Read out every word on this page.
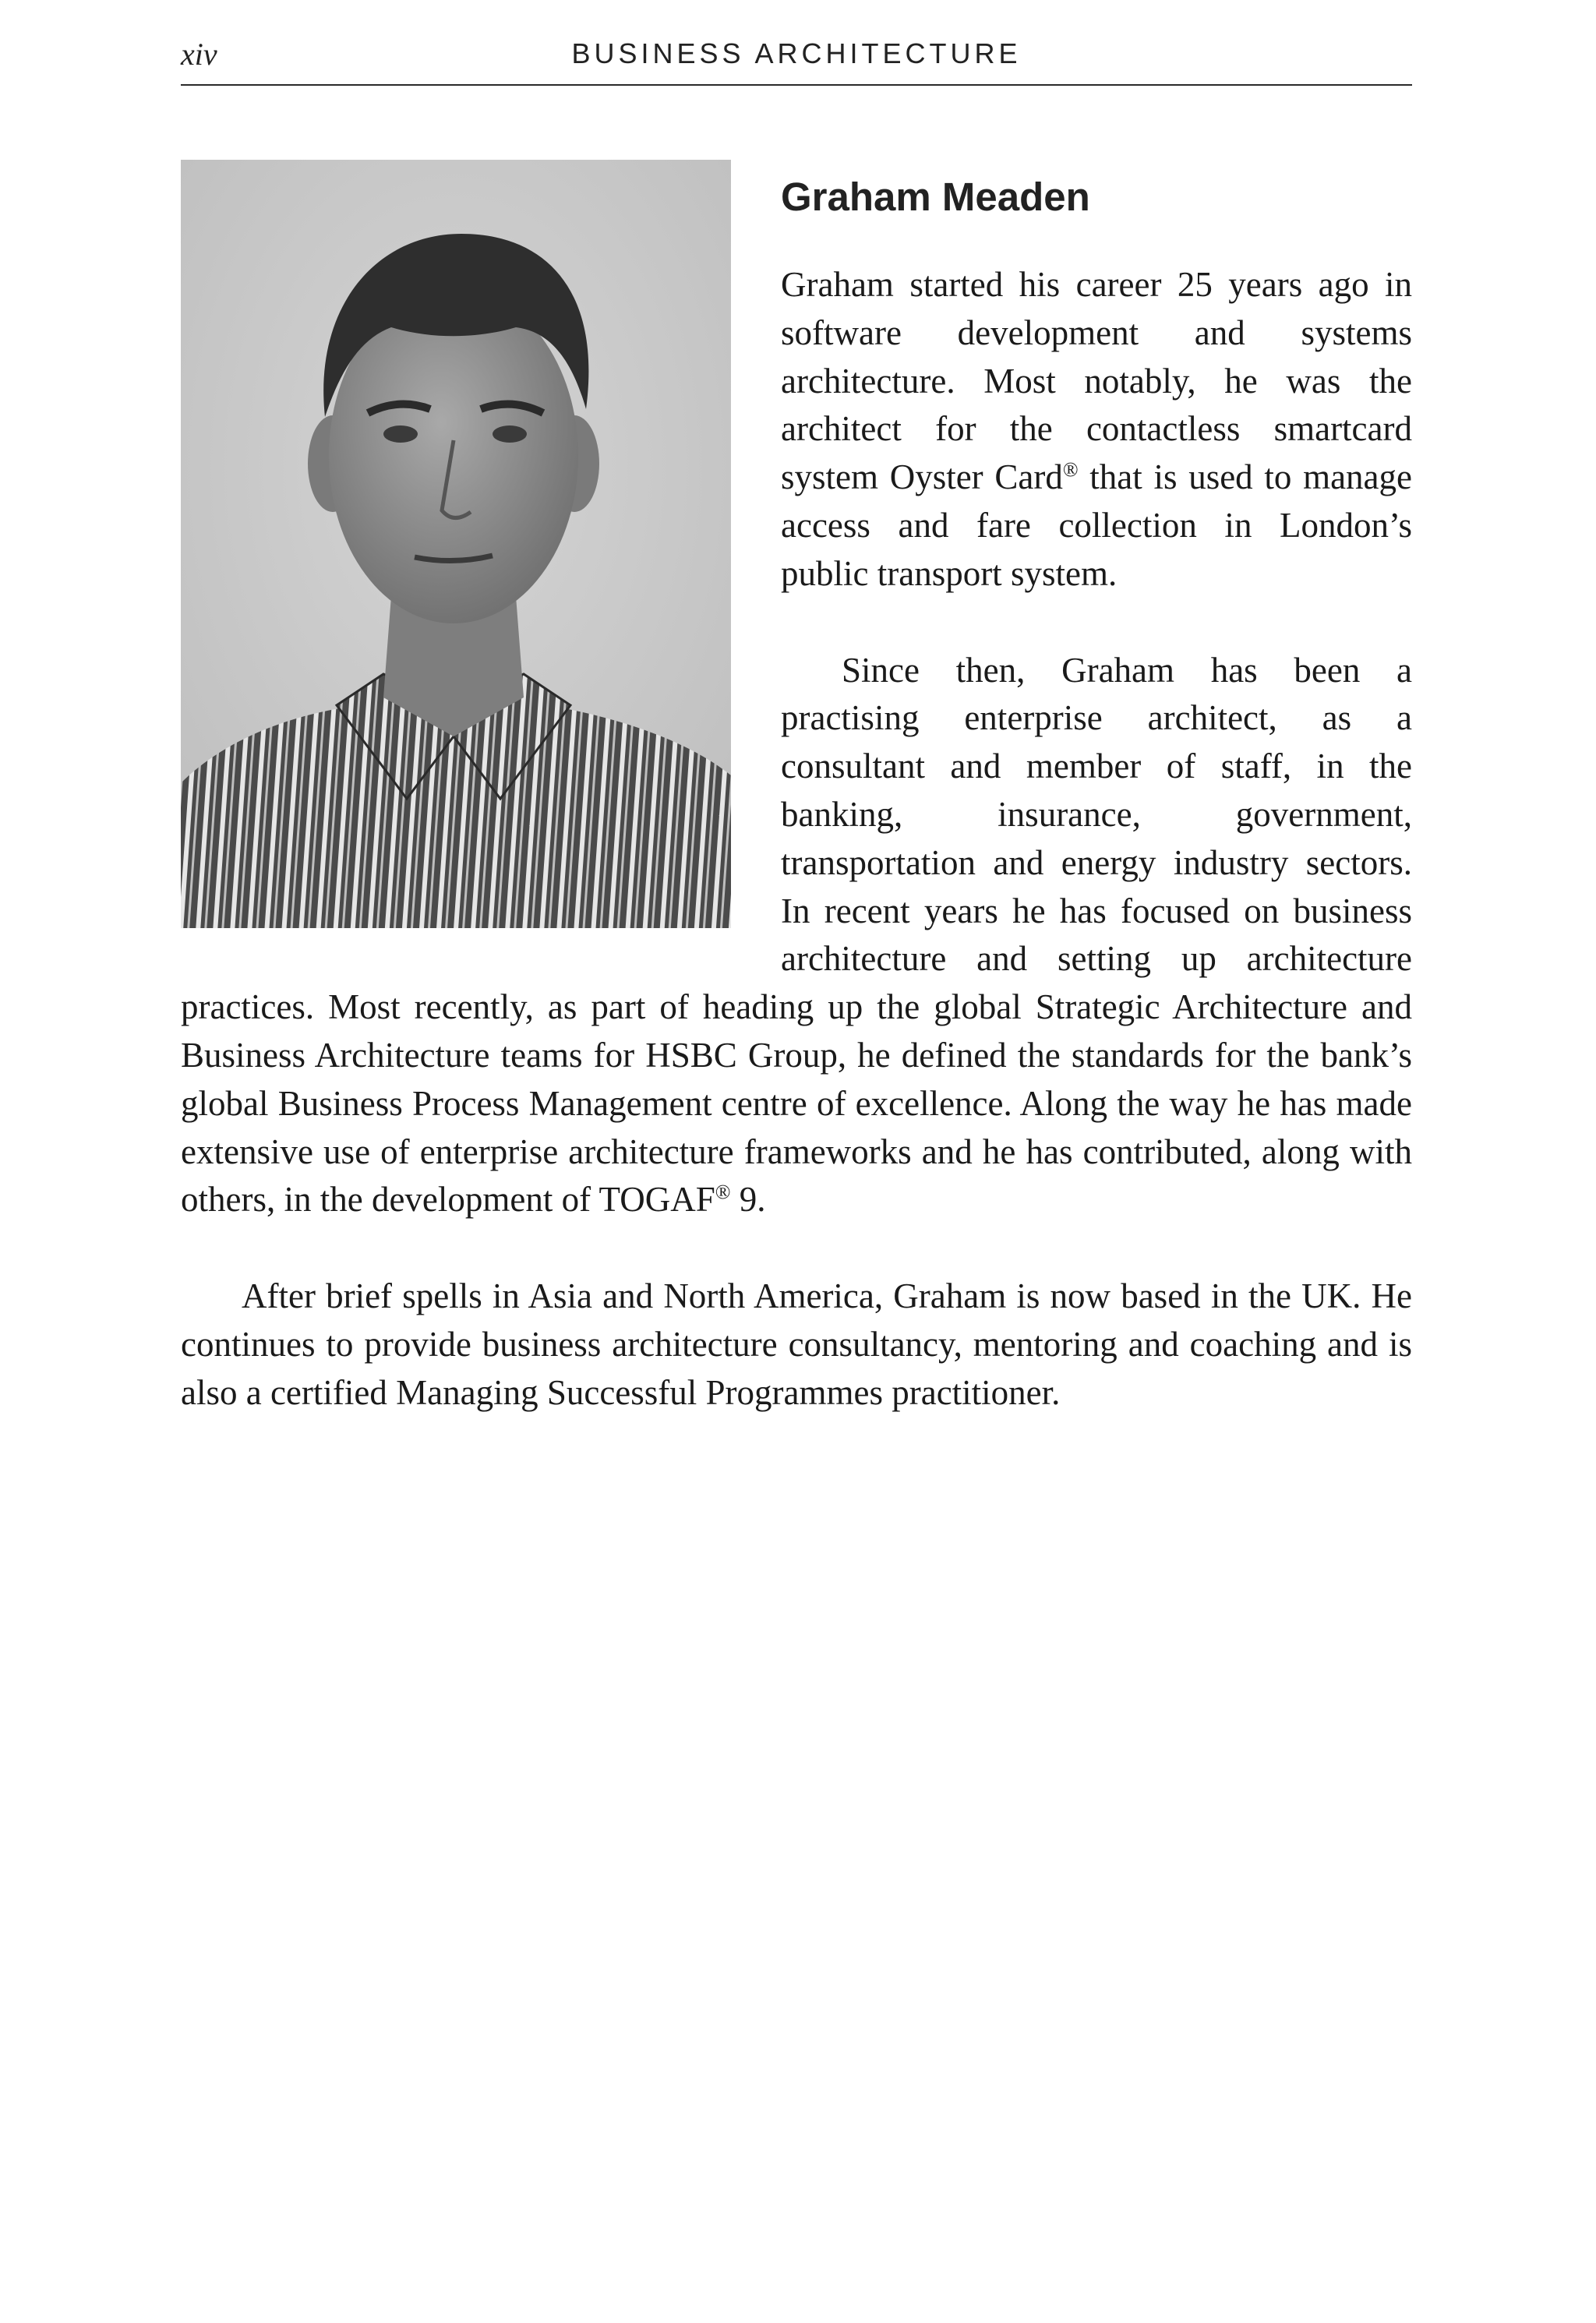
xiv	BUSINESS ARCHITECTURE
Graham Meaden

Graham started his career 25 years ago in software development and systems architecture. Most notably, he was the architect for the contactless smartcard system Oyster Card® that is used to manage access and fare collection in London’s public transport system.

Since then, Graham has been a practising enterprise architect, as a consultant and member of staff, in the banking, insurance, government, transportation and energy industry sectors. In recent years he has focused on business architecture and setting up architecture practices. Most recently, as part of heading up the global Strategic Architecture and Business Architecture teams for HSBC Group, he defined the standards for the bank’s global Business Process Management centre of excellence. Along the way he has made extensive use of enterprise architecture frameworks and he has contributed, along with others, in the development of TOGAF® 9.

After brief spells in Asia and North America, Graham is now based in the UK. He continues to provide business architecture consultancy, mentoring and coaching and is also a certified Managing Successful Programmes practitioner.
